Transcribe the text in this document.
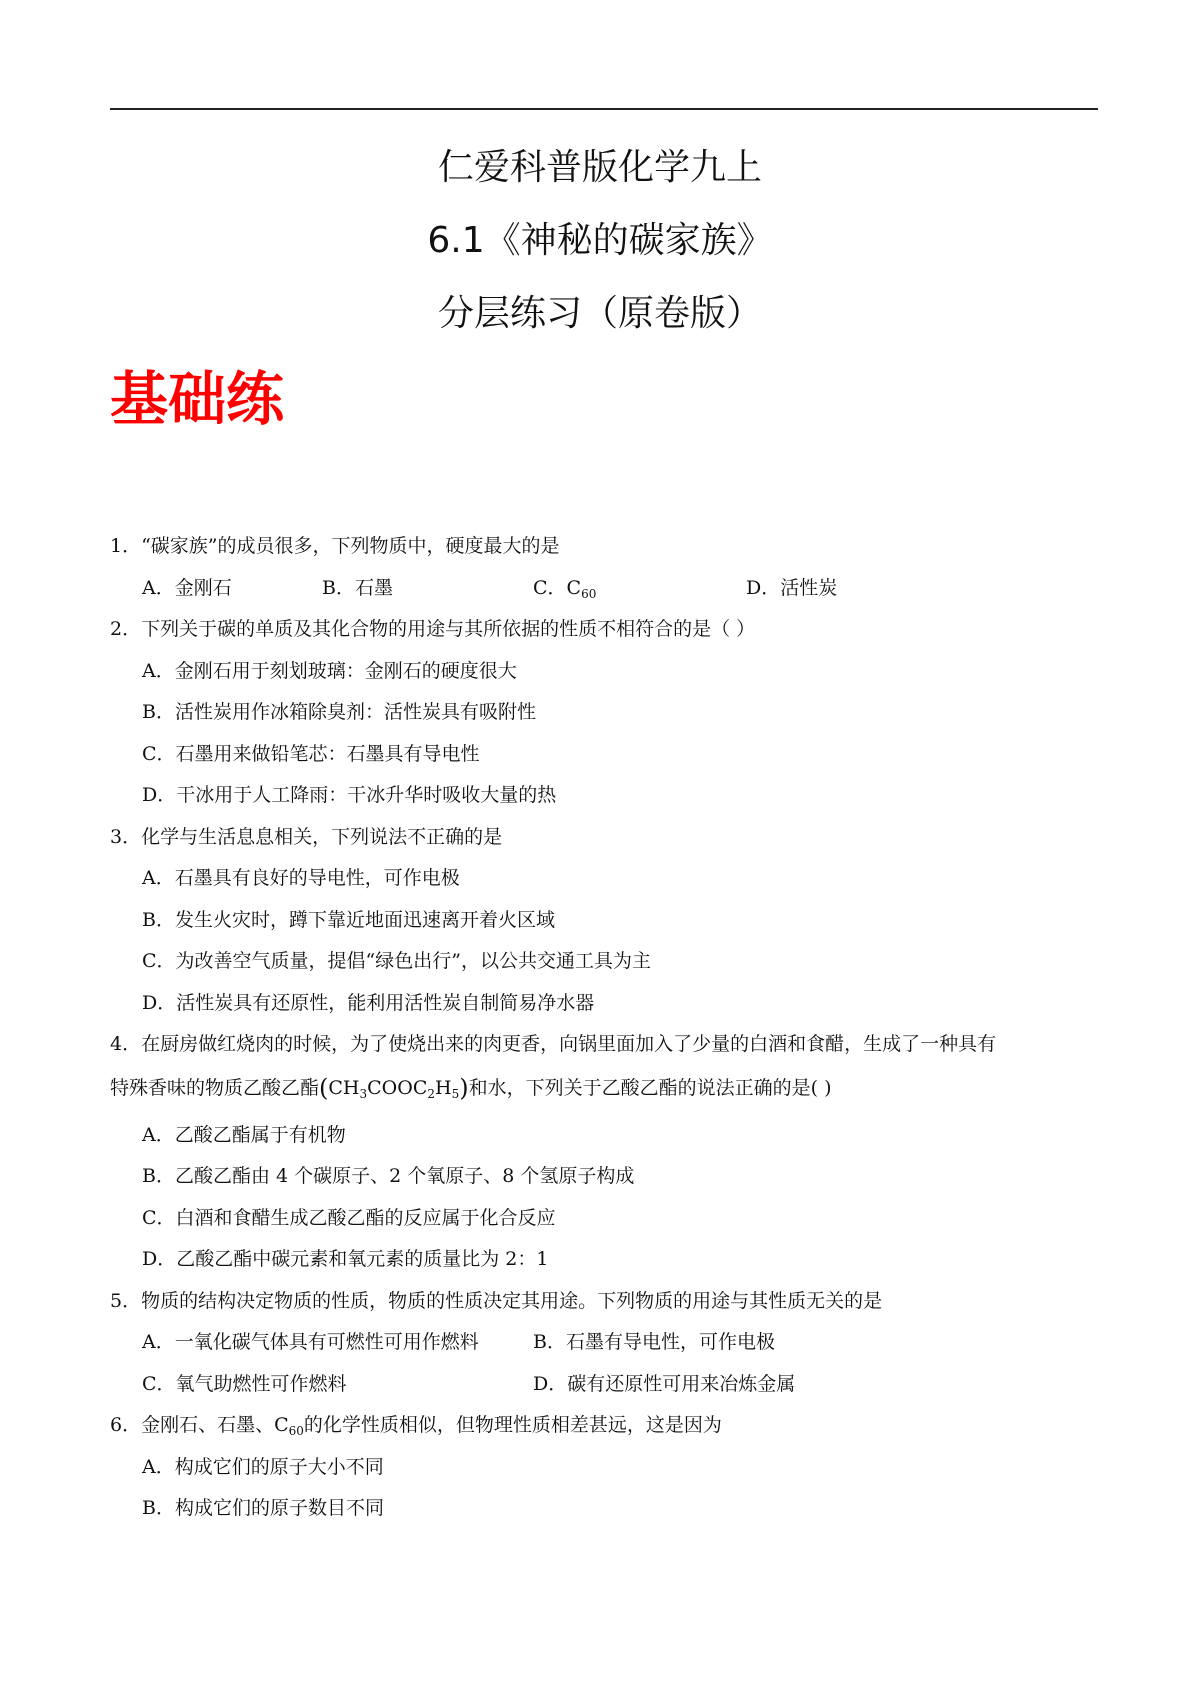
仁爱科普版化学九上
6.1《神秘的碳家族》
分层练习（原卷版）
基础练
1．“碳家族”的成员很多，下列物质中，硬度最大的是
A．金刚石	B．石墨	C．$C_{60}$	D．活性炭
2．下列关于碳的单质及其化合物的用途与其所依据的性质不相符合的是（ ）
A．金刚石用于刻划玻璃：金刚石的硬度很大
B．活性炭用作冰箱除臭剂：活性炭具有吸附性
C．石墨用来做铅笔芯：石墨具有导电性
D．干冰用于人工降雨：干冰升华时吸收大量的热
3．化学与生活息息相关，下列说法不正确的是
A．石墨具有良好的导电性，可作电极
B．发生火灾时，蹲下靠近地面迅速离开着火区域
C．为改善空气质量，提倡“绿色出行”，以公共交通工具为主
D．活性炭具有还原性，能利用活性炭自制简易净水器
4．在厨房做红烧肉的时候，为了使烧出来的肉更香，向锅里面加入了少量的白酒和食醋，生成了一种具有
特殊香味的物质乙酸乙酯$(CH_3COOC_2H_5)$和水，下列关于乙酸乙酯的说法正确的是( )
A．乙酸乙酯属于有机物
B．乙酸乙酯由 4 个碳原子、2 个氧原子、8 个氢原子构成
C．白酒和食醋生成乙酸乙酯的反应属于化合反应
D．乙酸乙酯中碳元素和氧元素的质量比为 2：1
5．物质的结构决定物质的性质，物质的性质决定其用途。下列物质的用途与其性质无关的是
A．一氧化碳气体具有可燃性可用作燃料	B．石墨有导电性，可作电极
C．氧气助燃性可作燃料	D．碳有还原性可用来冶炼金属
6．金刚石、石墨、$C_{60}$的化学性质相似，但物理性质相差甚远，这是因为
A．构成它们的原子大小不同
B．构成它们的原子数目不同
